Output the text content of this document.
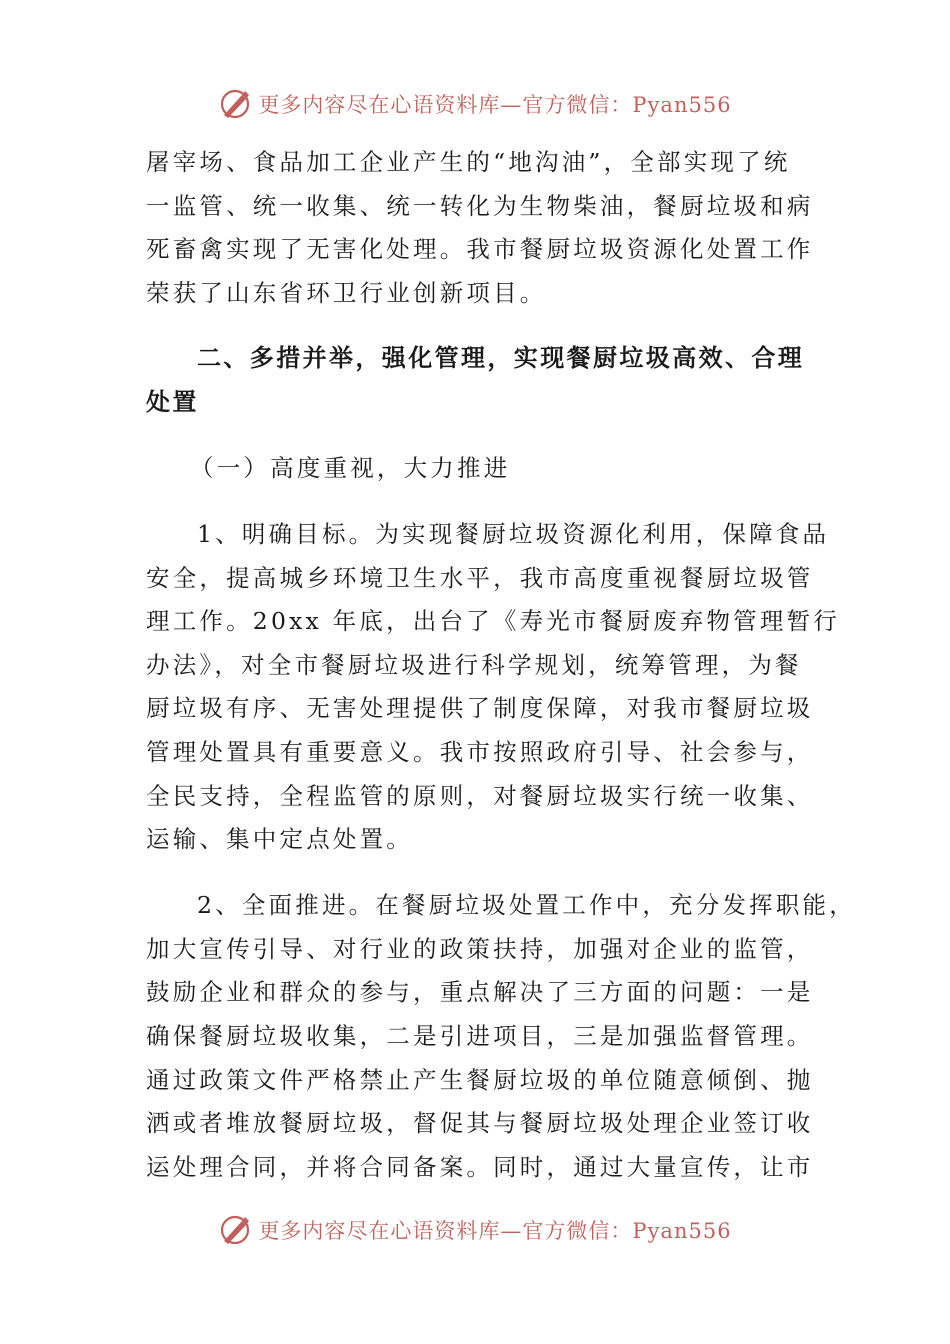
更多内容尽在心语资料库—官方微信：Pyan556
屠宰场、食品加工企业产生的“地沟油”，全部实现了统
一监管、统一收集、统一转化为生物柴油，餐厨垃圾和病
死畜禽实现了无害化处理。我市餐厨垃圾资源化处置工作
荣获了山东省环卫行业创新项目。
二、多措并举，强化管理，实现餐厨垃圾高效、合理
处置
（一）高度重视，大力推进
1、明确目标。为实现餐厨垃圾资源化利用，保障食品
安全，提高城乡环境卫生水平，我市高度重视餐厨垃圾管
理工作。20xx 年底，出台了《寿光市餐厨废弃物管理暂行
办法》，对全市餐厨垃圾进行科学规划，统筹管理，为餐
厨垃圾有序、无害处理提供了制度保障，对我市餐厨垃圾
管理处置具有重要意义。我市按照政府引导、社会参与，
全民支持，全程监管的原则，对餐厨垃圾实行统一收集、
运输、集中定点处置。
2、全面推进。在餐厨垃圾处置工作中，充分发挥职能，
加大宣传引导、对行业的政策扶持，加强对企业的监管，
鼓励企业和群众的参与，重点解决了三方面的问题：一是
确保餐厨垃圾收集，二是引进项目，三是加强监督管理。
通过政策文件严格禁止产生餐厨垃圾的单位随意倾倒、抛
洒或者堆放餐厨垃圾，督促其与餐厨垃圾处理企业签订收
运处理合同，并将合同备案。同时，通过大量宣传，让市
更多内容尽在心语资料库—官方微信：Pyan556
